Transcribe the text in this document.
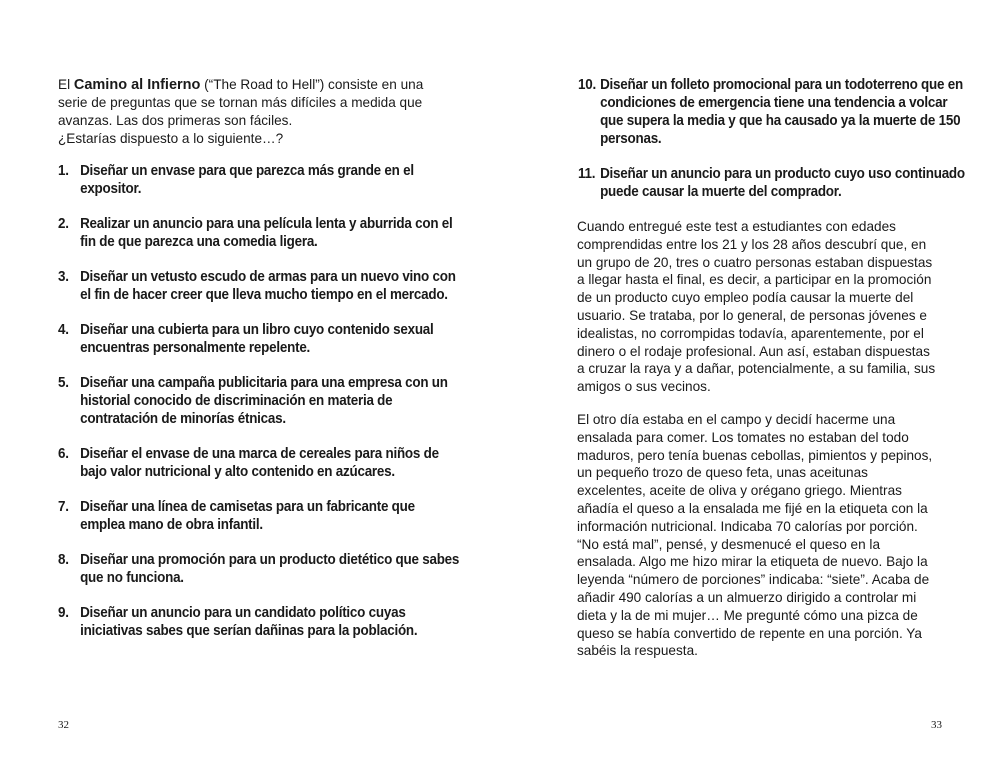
El Camino al Infierno (“The Road to Hell”) consiste en una serie de preguntas que se tornan más difíciles a medida que avanzas. Las dos primeras son fáciles.
¿Estarías dispuesto a lo siguiente…?

1. Diseñar un envase para que parezca más grande en el expositor.
2. Realizar un anuncio para una película lenta y aburrida con el fin de que parezca una comedia ligera.
3. Diseñar un vetusto escudo de armas para un nuevo vino con el fin de hacer creer que lleva mucho tiempo en el mercado.
4. Diseñar una cubierta para un libro cuyo contenido sexual encuentras personalmente repelente.
5. Diseñar una campaña publicitaria para una empresa con un historial conocido de discriminación en materia de contratación de minorías étnicas.
6. Diseñar el envase de una marca de cereales para niños de bajo valor nutricional y alto contenido en azúcares.
7. Diseñar una línea de camisetas para un fabricante que emplea mano de obra infantil.
8. Diseñar una promoción para un producto dietético que sabes que no funciona.
9. Diseñar un anuncio para un candidato político cuyas iniciativas sabes que serían dañinas para la población.
32
10. Diseñar un folleto promocional para un todoterreno que en condiciones de emergencia tiene una tendencia a volcar que supera la media y que ha causado ya la muerte de 150 personas.
11. Diseñar un anuncio para un producto cuyo uso continuado puede causar la muerte del comprador.

Cuando entregué este test a estudiantes con edades comprendidas entre los 21 y los 28 años descubrí que, en un grupo de 20, tres o cuatro personas estaban dispuestas a llegar hasta el final, es decir, a participar en la promoción de un producto cuyo empleo podía causar la muerte del usuario. Se trataba, por lo general, de personas jóvenes e idealistas, no corrompidas todavía, aparentemente, por el dinero o el rodaje profesional. Aun así, estaban dispuestas a cruzar la raya y a dañar, potencialmente, a su familia, sus amigos o sus vecinos.

El otro día estaba en el campo y decidí hacerme una ensalada para comer. Los tomates no estaban del todo maduros, pero tenía buenas cebollas, pimientos y pepinos, un pequeño trozo de queso feta, unas aceitunas excelentes, aceite de oliva y orégano griego. Mientras añadía el queso a la ensalada me fijé en la etiqueta con la información nutricional. Indicaba 70 calorías por porción. “No está mal”, pensé, y desmenucé el queso en la ensalada. Algo me hizo mirar la etiqueta de nuevo. Bajo la leyenda “número de porciones” indicaba: “siete”. Acaba de añadir 490 calorías a un almuerzo dirigido a controlar mi dieta y la de mi mujer… Me pregunté cómo una pizca de queso se había convertido de repente en una porción. Ya sabéis la respuesta.

33
